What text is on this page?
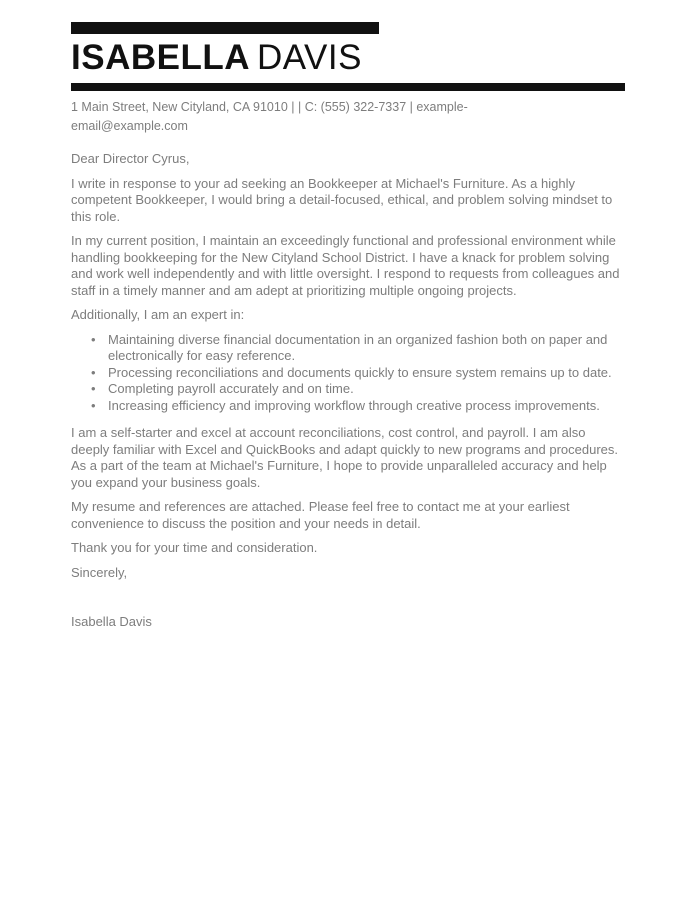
ISABELLA DAVIS

1 Main Street, New Cityland, CA 91010 | | C: (555) 322-7337 | example-
email@example.com

Dear Director Cyrus,

I write in response to your ad seeking an Bookkeeper at Michael's Furniture. As a highly competent Bookkeeper, I would bring a detail-focused, ethical, and problem solving mindset to this role.

In my current position, I maintain an exceedingly functional and professional environment while handling bookkeeping for the New Cityland School District. I have a knack for problem solving and work well independently and with little oversight. I respond to requests from colleagues and staff in a timely manner and am adept at prioritizing multiple ongoing projects.

Additionally, I am an expert in:

• Maintaining diverse financial documentation in an organized fashion both on paper and electronically for easy reference.
• Processing reconciliations and documents quickly to ensure system remains up to date.
• Completing payroll accurately and on time.
• Increasing efficiency and improving workflow through creative process improvements.

I am a self-starter and excel at account reconciliations, cost control, and payroll. I am also deeply familiar with Excel and QuickBooks and adapt quickly to new programs and procedures. As a part of the team at Michael's Furniture, I hope to provide unparalleled accuracy and help you expand your business goals.

My resume and references are attached. Please feel free to contact me at your earliest convenience to discuss the position and your needs in detail.

Thank you for your time and consideration.

Sincerely,

Isabella Davis
